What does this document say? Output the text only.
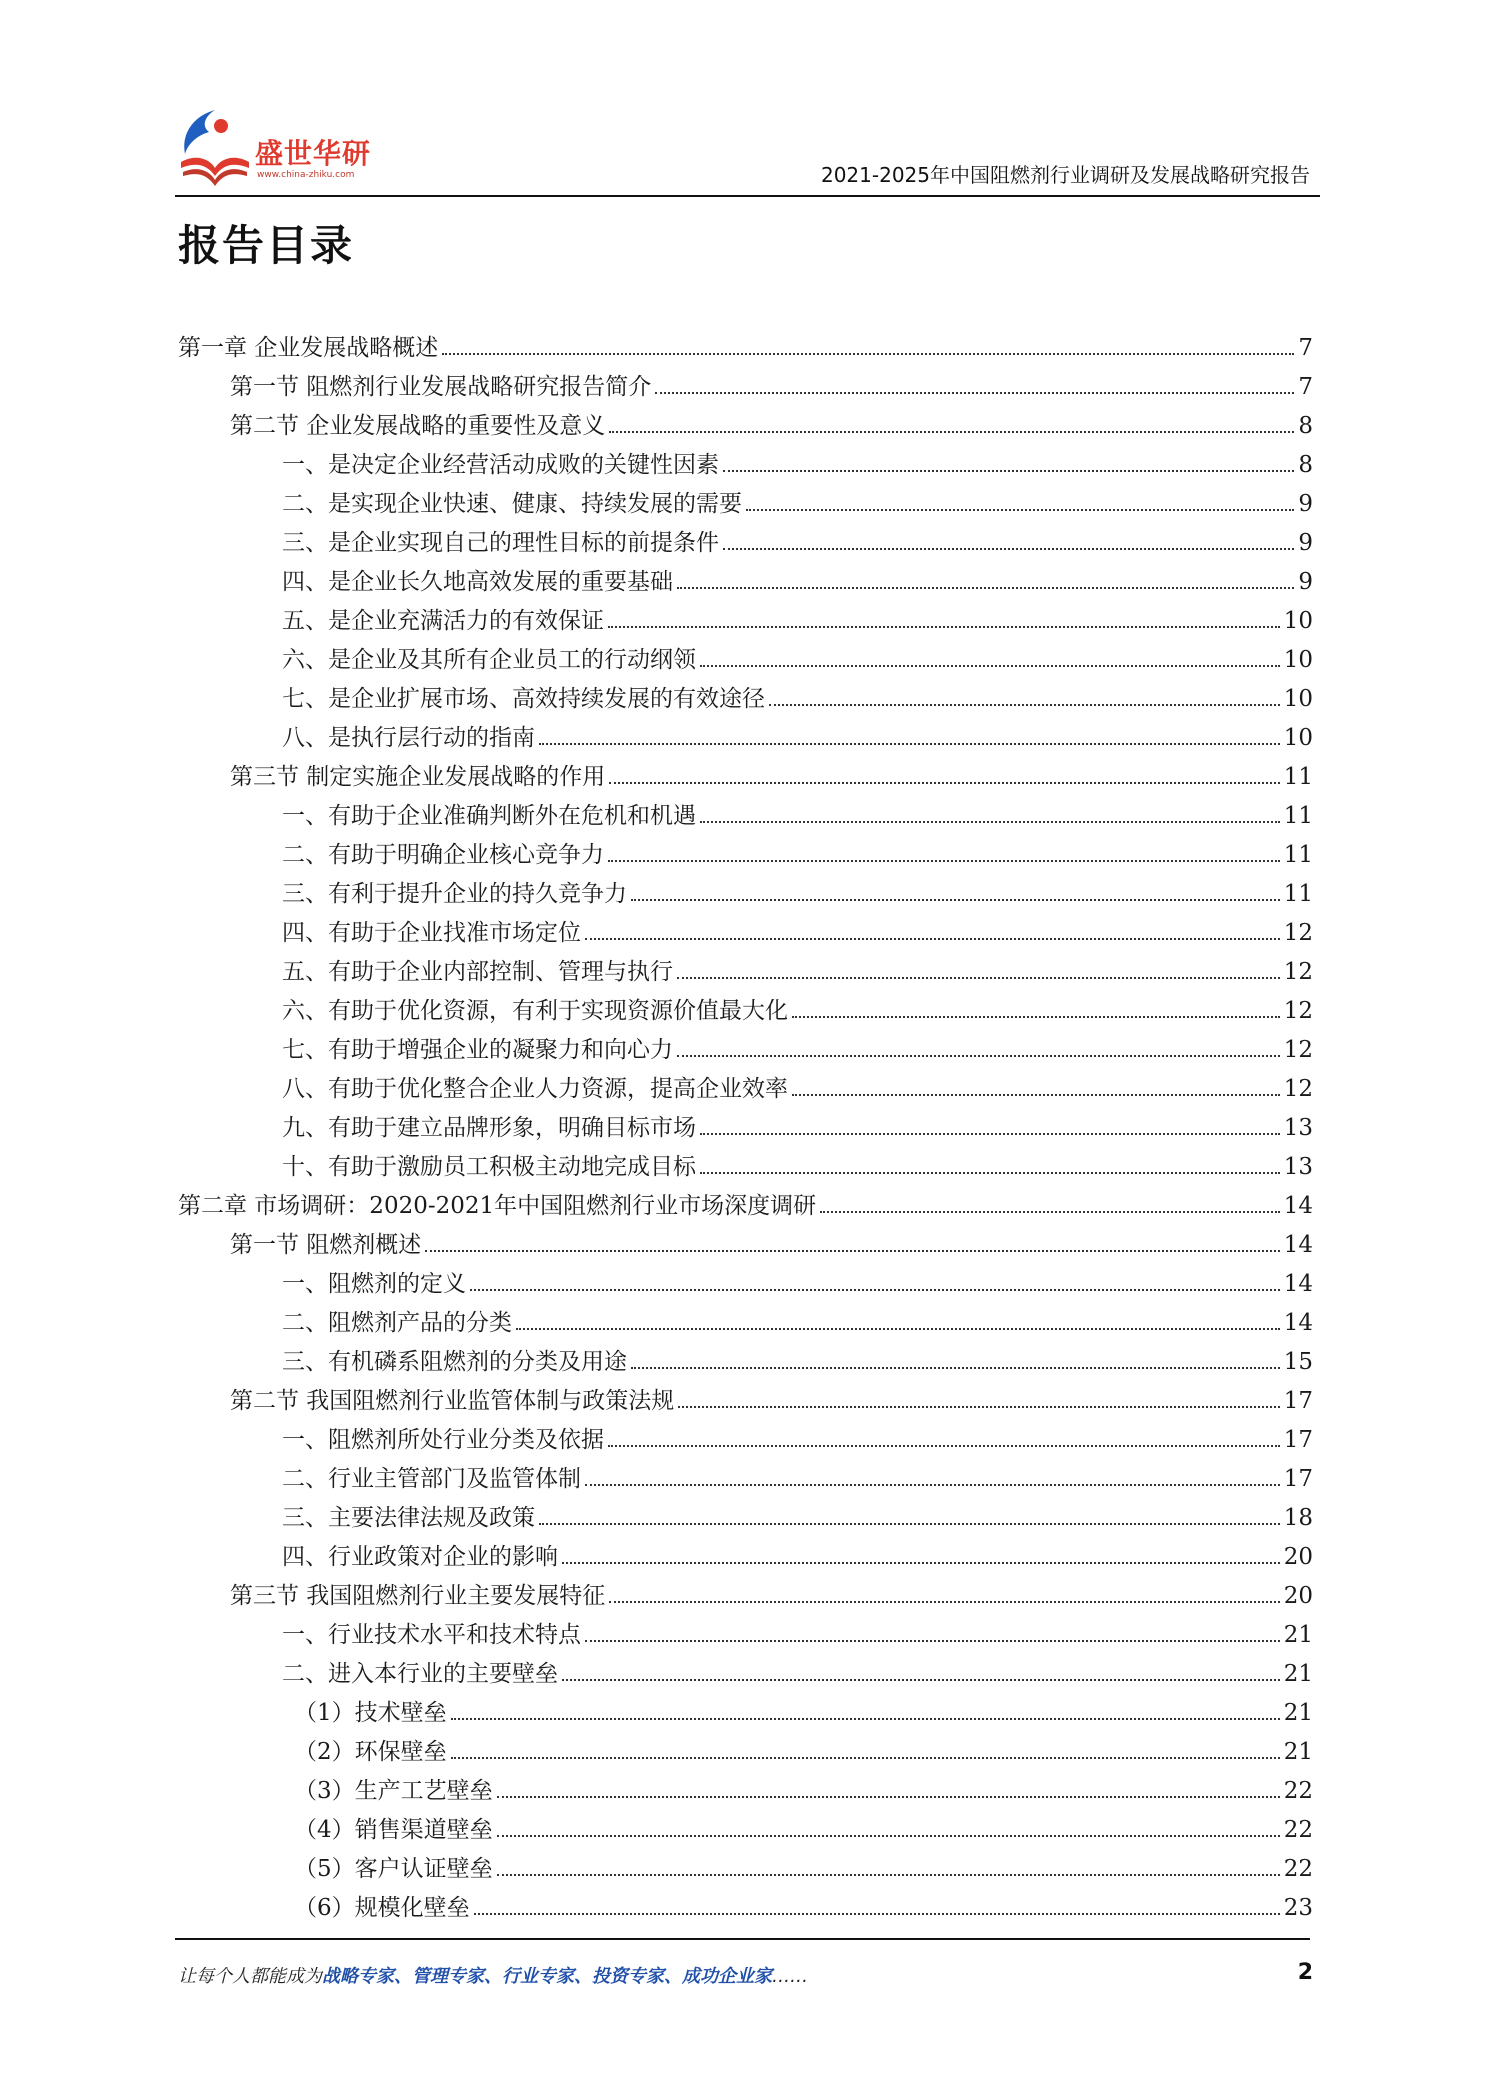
盛世华研
www.china-zhiku.com	2021-2025年中国阻燃剂行业调研及发展战略研究报告
报告目录
第一章 企业发展战略概述	7
第一节 阻燃剂行业发展战略研究报告简介	7
第二节 企业发展战略的重要性及意义	8
一、是决定企业经营活动成败的关键性因素	8
二、是实现企业快速、健康、持续发展的需要	9
三、是企业实现自己的理性目标的前提条件	9
四、是企业长久地高效发展的重要基础	9
五、是企业充满活力的有效保证	10
六、是企业及其所有企业员工的行动纲领	10
七、是企业扩展市场、高效持续发展的有效途径	10
八、是执行层行动的指南	10
第三节 制定实施企业发展战略的作用	11
一、有助于企业准确判断外在危机和机遇	11
二、有助于明确企业核心竞争力	11
三、有利于提升企业的持久竞争力	11
四、有助于企业找准市场定位	12
五、有助于企业内部控制、管理与执行	12
六、有助于优化资源，有利于实现资源价值最大化	12
七、有助于增强企业的凝聚力和向心力	12
八、有助于优化整合企业人力资源，提高企业效率	12
九、有助于建立品牌形象，明确目标市场	13
十、有助于激励员工积极主动地完成目标	13
第二章 市场调研：2020-2021年中国阻燃剂行业市场深度调研	14
第一节 阻燃剂概述	14
一、阻燃剂的定义	14
二、阻燃剂产品的分类	14
三、有机磷系阻燃剂的分类及用途	15
第二节 我国阻燃剂行业监管体制与政策法规	17
一、阻燃剂所处行业分类及依据	17
二、行业主管部门及监管体制	17
三、主要法律法规及政策	18
四、行业政策对企业的影响	20
第三节 我国阻燃剂行业主要发展特征	20
一、行业技术水平和技术特点	21
二、进入本行业的主要壁垒	21
（1）技术壁垒	21
（2）环保壁垒	21
（3）生产工艺壁垒	22
（4）销售渠道壁垒	22
（5）客户认证壁垒	22
（6）规模化壁垒	23
让每个人都能成为战略专家、管理专家、行业专家、投资专家、成功企业家……	2
